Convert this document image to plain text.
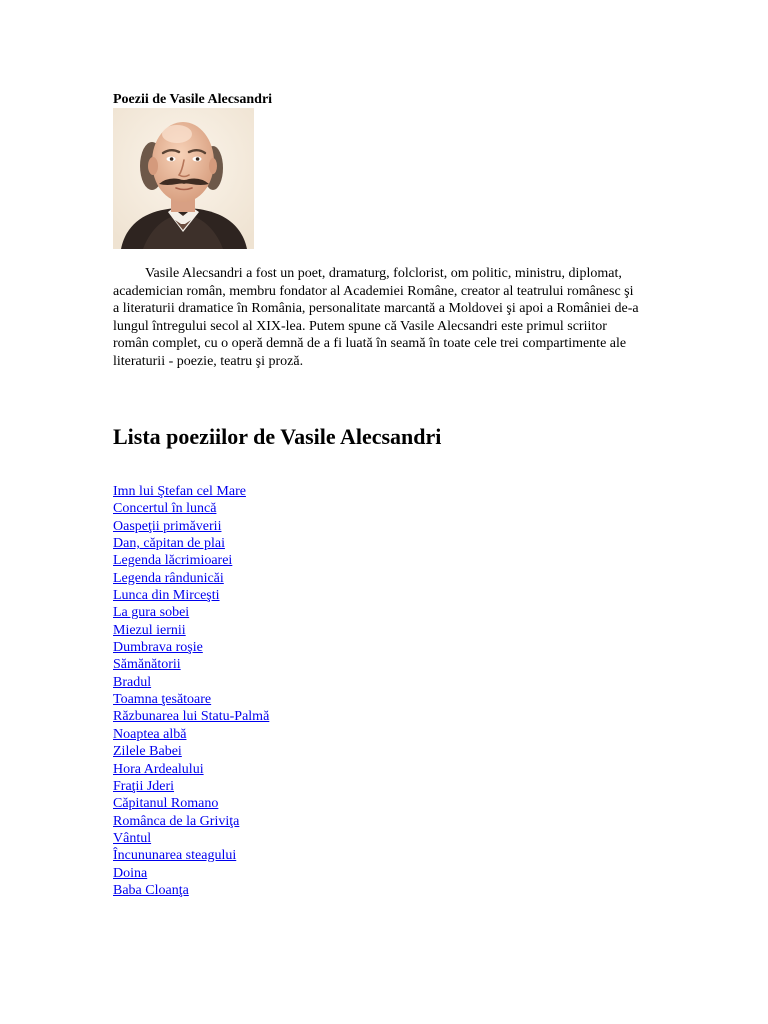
Poezii de Vasile Alecsandri

Vasile Alecsandri a fost un poet, dramaturg, folclorist, om politic, ministru, diplomat, academician român, membru fondator al Academiei Române, creator al teatrului românesc şi a literaturii dramatice în România, personalitate marcantă a Moldovei şi apoi a României de-a lungul întregului secol al XIX-lea. Putem spune că Vasile Alecsandri este primul scriitor român complet, cu o operă demnă de a fi luată în seamă în toate cele trei compartimente ale literaturii - poezie, teatru şi proză.

Lista poeziilor de Vasile Alecsandri
Imn lui Ştefan cel Mare
Concertul în luncă
Oaspeţii primăverii
Dan, căpitan de plai
Legenda lăcrimioarei
Legenda rândunicăi
Lunca din Mirceşti
La gura sobei
Miezul iernii
Dumbrava roşie
Sămănătorii
Bradul
Toamna ţesătoare
Răzbunarea lui Statu-Palmă
Noaptea albă
Zilele Babei
Hora Ardealului
Fraţii Jderi
Căpitanul Romano
Românca de la Griviţa
Vântul
Încununarea steagului
Doina
Baba Cloanţa
